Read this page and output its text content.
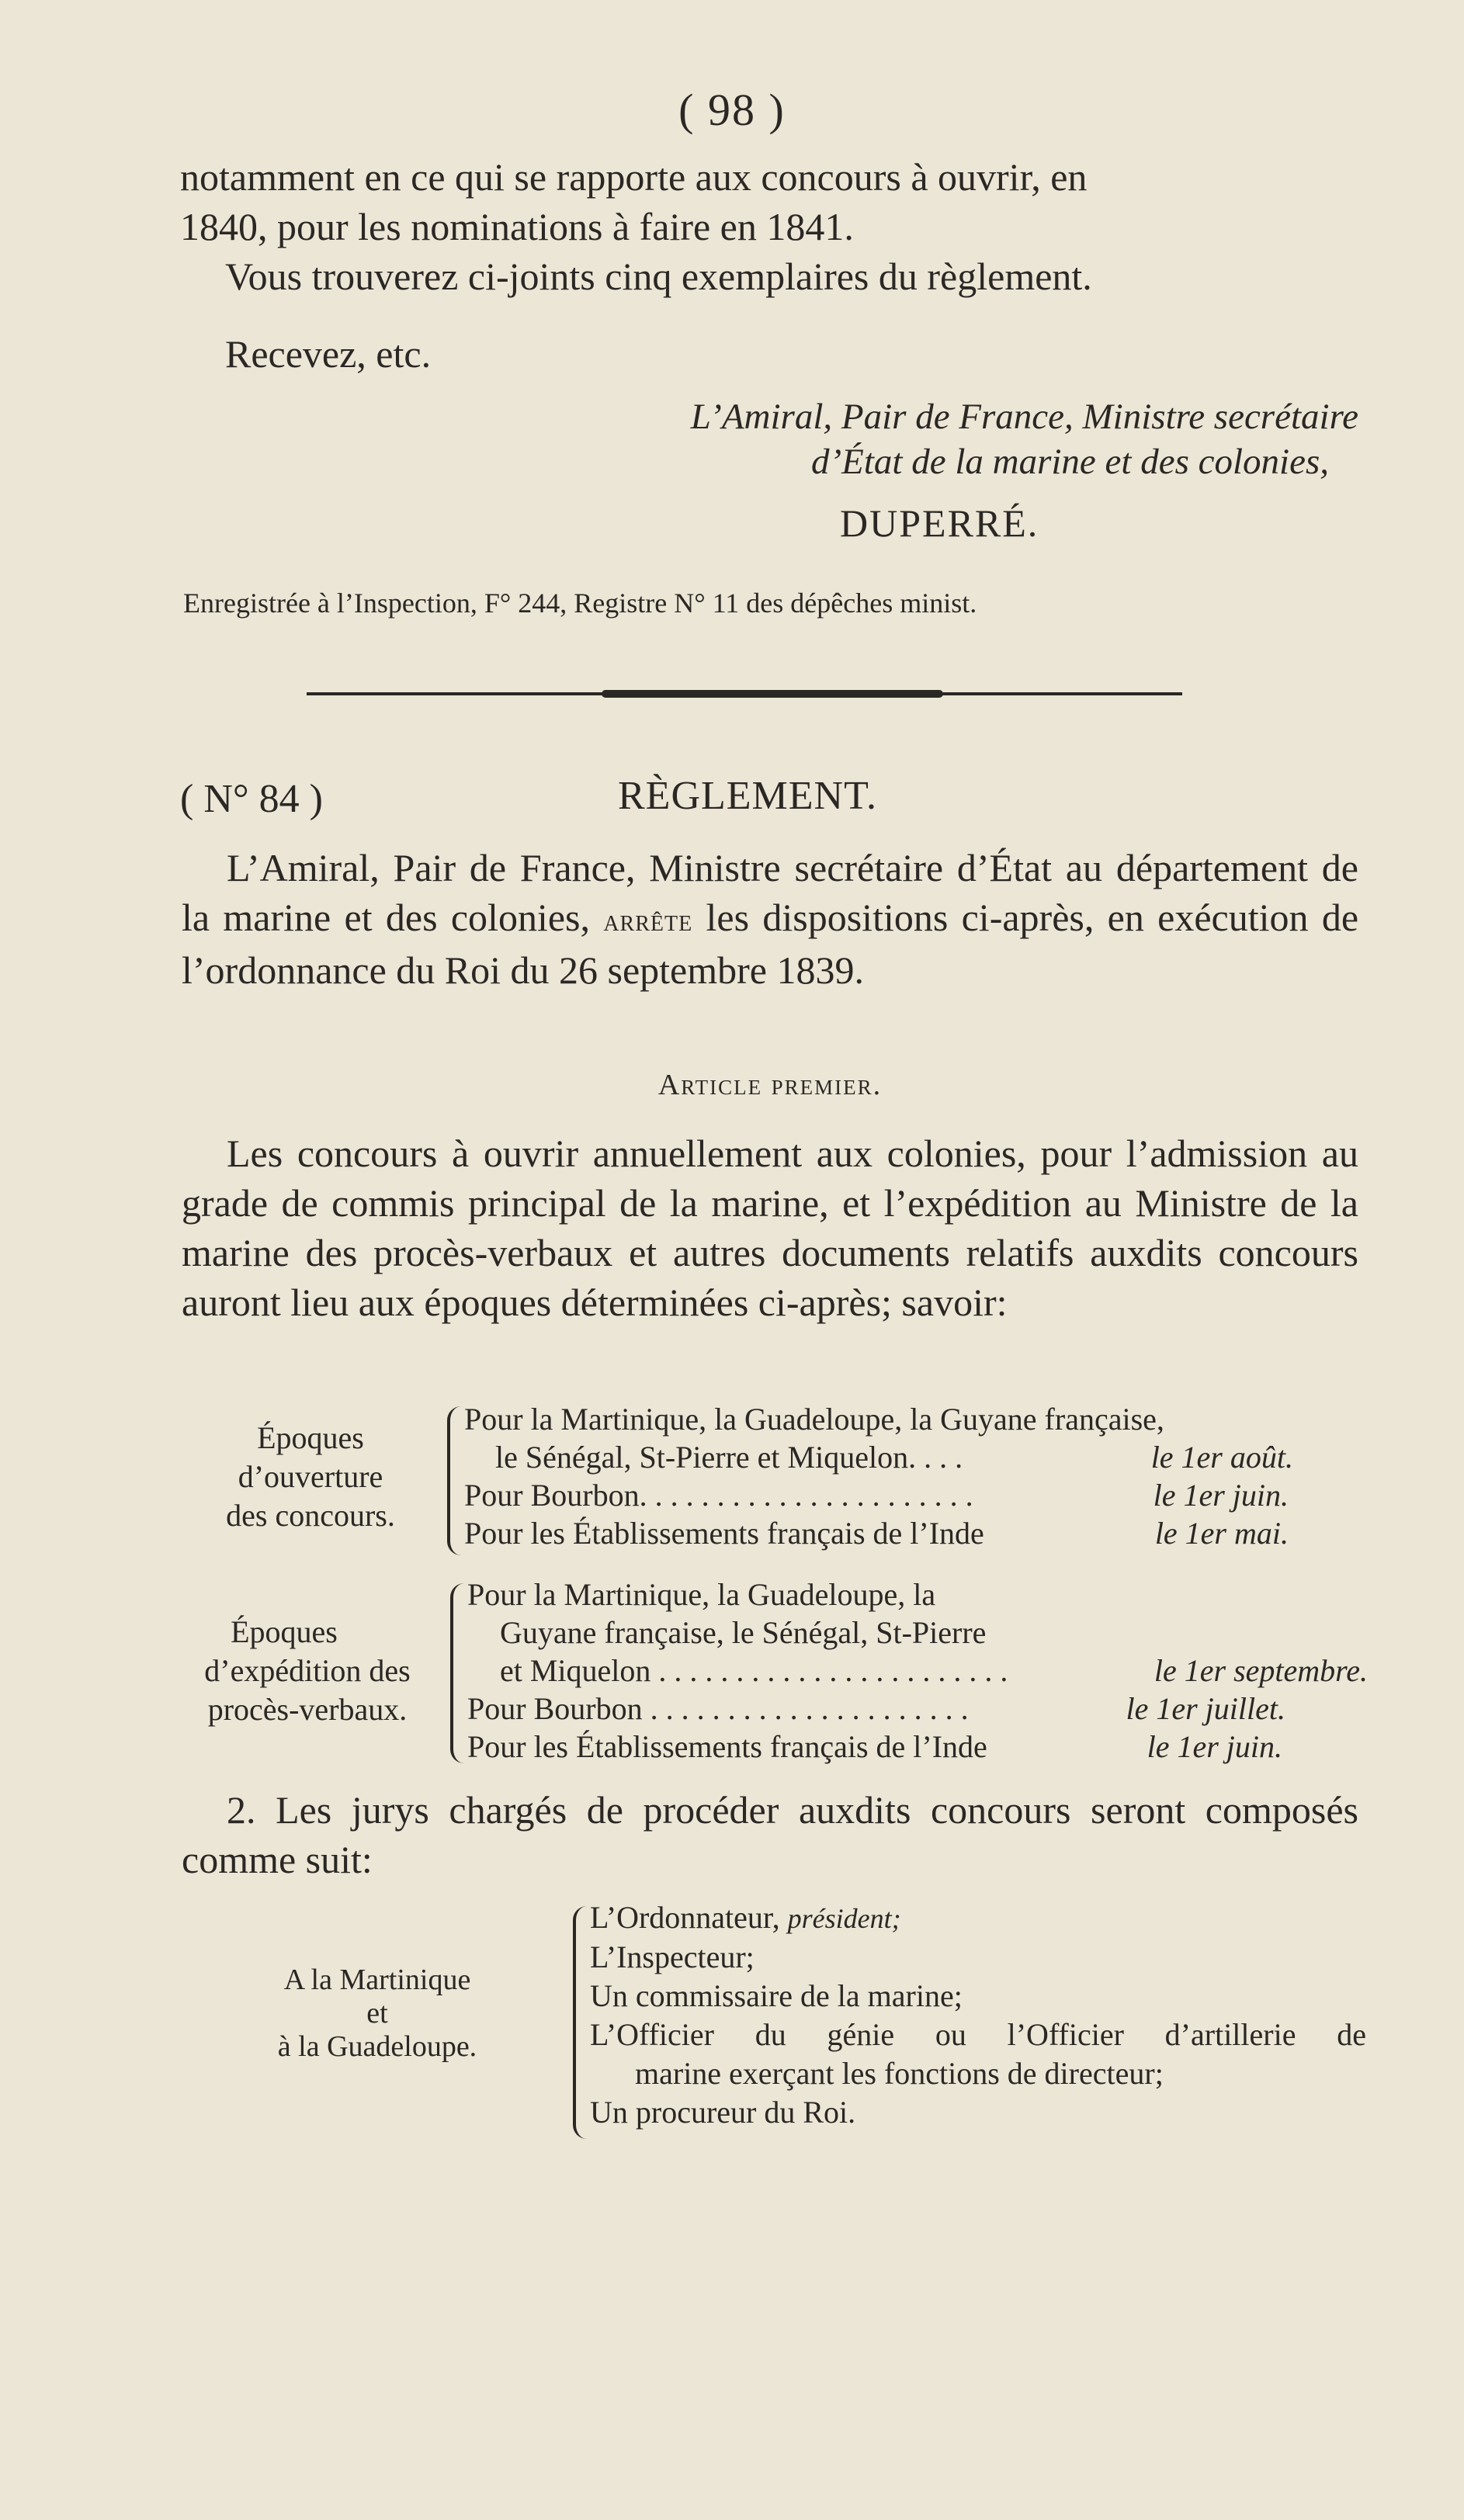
( 98 )
notamment en ce qui se rapporte aux concours à ouvrir, en
1840, pour les nominations à faire en 1841.
Vous trouverez ci-joints cinq exemplaires du règlement.
Recevez, etc.
L’Amiral, Pair de France, Ministre secrétaire
d’État de la marine et des colonies,
DUPERRÉ.
Enregistrée à l’Inspection, F° 244, Registre N° 11 des dépêches minist.
( N° 84 )	RÈGLEMENT.
L’Amiral, Pair de France, Ministre secrétaire d’État au département de la marine et des colonies, arrête les dispositions ci-après, en exécution de l’ordonnance du Roi du 26 septembre 1839.
Article premier.
Les concours à ouvrir annuellement aux colonies, pour l’admission au grade de commis principal de la marine, et l’expédition au Ministre de la marine des procès-verbaux et autres documents relatifs auxdits concours auront lieu aux époques déterminées ci-après; savoir:
Époques
d’ouverture
des concours.
Pour la Martinique, la Guadeloupe, la Guyane française,
le Sénégal, St-Pierre et Miquelon. . . .	le 1er août.
Pour Bourbon. . . . . . . . . . . . . . . . . . . . . .	le 1er juin.
Pour les Établissements français de l’Inde	le 1er mai.
Époques
d’expédition des
procès-verbaux.
Pour la Martinique, la Guadeloupe, la
Guyane française, le Sénégal, St-Pierre
et Miquelon . . . . . . . . . . . . . . . . . . . . . . .	le 1er septembre.
Pour Bourbon . . . . . . . . . . . . . . . . . . . . .	le 1er juillet.
Pour les Établissements français de l’Inde	le 1er juin.
2. Les jurys chargés de procéder auxdits concours seront composés comme suit:
A la Martinique
et
à la Guadeloupe.
L’Ordonnateur, président;
L’Inspecteur;
Un commissaire de la marine;
L’Officier du génie ou l’Officier d’artillerie de
marine exerçant les fonctions de directeur;
Un procureur du Roi.
